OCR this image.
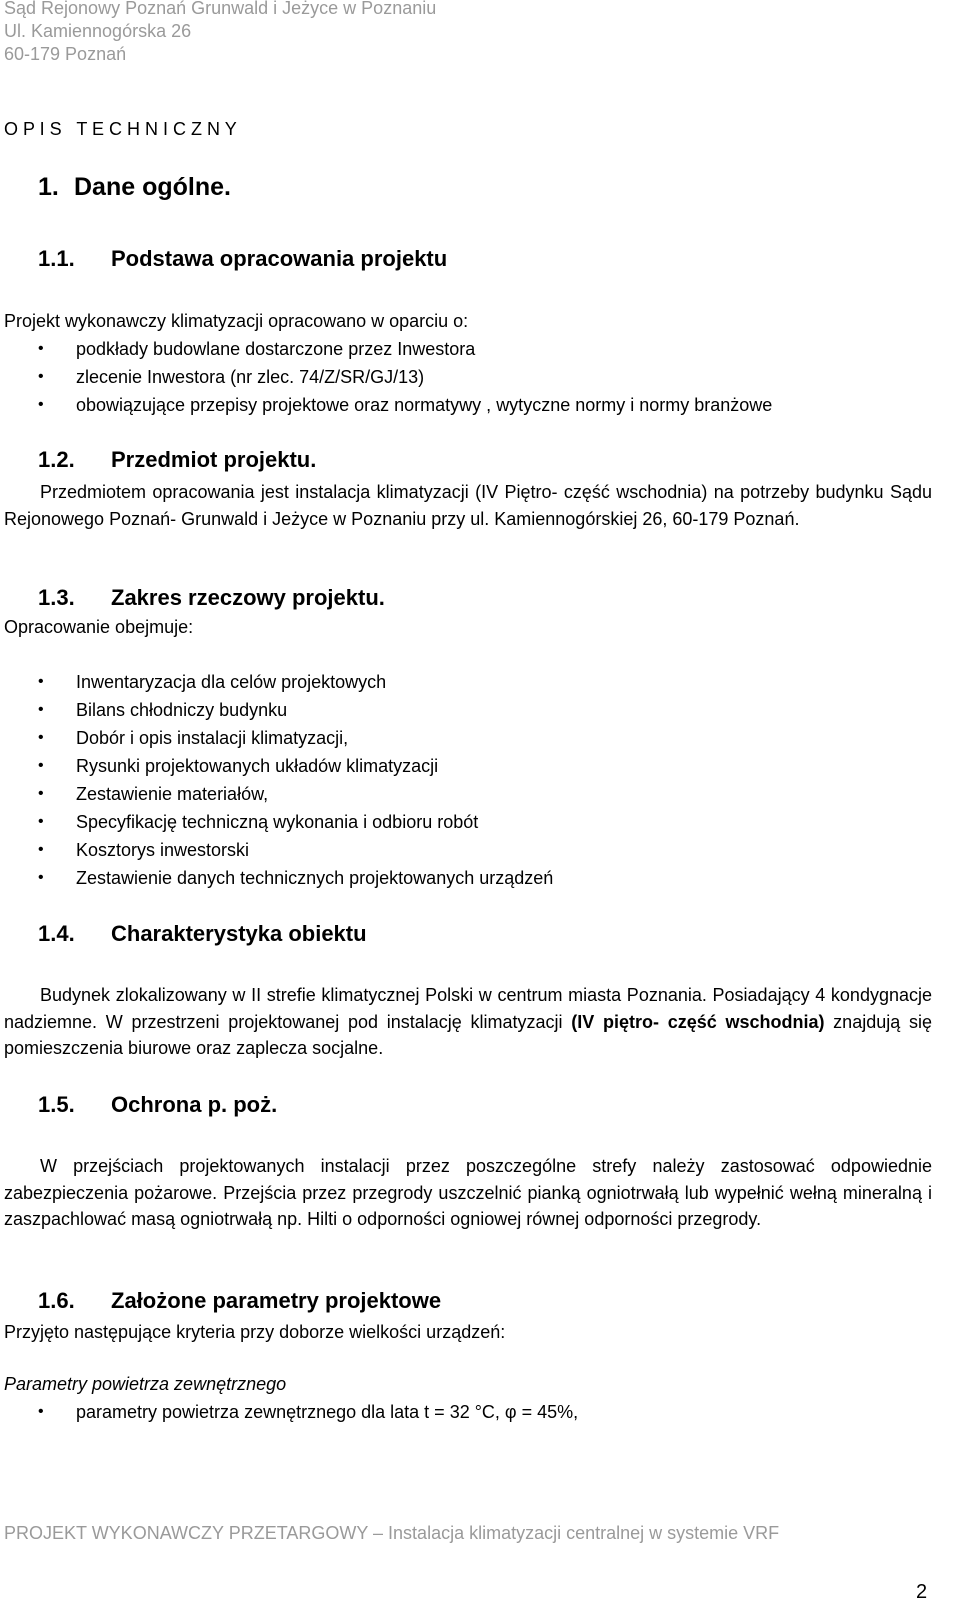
Sąd Rejonowy Poznań Grunwald i Jeżyce w Poznaniu
Ul. Kamiennogórska 26
60-179 Poznań
O P I S   T E C H N I C Z N Y
1. Dane ogólne.
1.1. Podstawa opracowania projektu
Projekt wykonawczy klimatyzacji opracowano w oparciu o:
• podkłady budowlane dostarczone przez Inwestora
• zlecenie Inwestora (nr zlec. 74/Z/SR/GJ/13)
• obowiązujące przepisy projektowe oraz normatywy , wytyczne normy i normy branżowe
1.2. Przedmiot projektu.
Przedmiotem opracowania jest instalacja klimatyzacji (IV Piętro- część wschodnia) na potrzeby budynku Sądu Rejonowego Poznań- Grunwald i Jeżyce w Poznaniu przy ul. Kamiennogórskiej 26, 60-179 Poznań.
1.3. Zakres rzeczowy projektu.
Opracowanie obejmuje:
• Inwentaryzacja dla celów projektowych
• Bilans chłodniczy budynku
• Dobór i opis instalacji klimatyzacji,
• Rysunki projektowanych układów klimatyzacji
• Zestawienie materiałów,
• Specyfikację techniczną wykonania i odbioru robót
• Kosztorys inwestorski
• Zestawienie danych technicznych projektowanych urządzeń
1.4. Charakterystyka obiektu
Budynek zlokalizowany w II strefie klimatycznej Polski w centrum miasta Poznania. Posiadający 4 kondygnacje nadziemne. W przestrzeni projektowanej pod instalację klimatyzacji (IV piętro- część wschodnia) znajdują się pomieszczenia biurowe oraz zaplecza socjalne.
1.5. Ochrona p. poż.
W przejściach projektowanych instalacji przez poszczególne strefy należy zastosować odpowiednie zabezpieczenia pożarowe. Przejścia przez przegrody uszczelnić pianką ogniotrwałą lub wypełnić wełną mineralną i zaszpachlować masą ogniotrwałą np. Hilti o odporności ogniowej równej odporności przegrody.
1.6. Założone parametry projektowe
Przyjęto następujące kryteria przy doborze wielkości urządzeń:
Parametry powietrza zewnętrznego
• parametry powietrza zewnętrznego dla lata t = 32 °C, φ = 45%,
PROJEKT WYKONAWCZY PRZETARGOWY – Instalacja klimatyzacji centralnej w systemie VRF
2
